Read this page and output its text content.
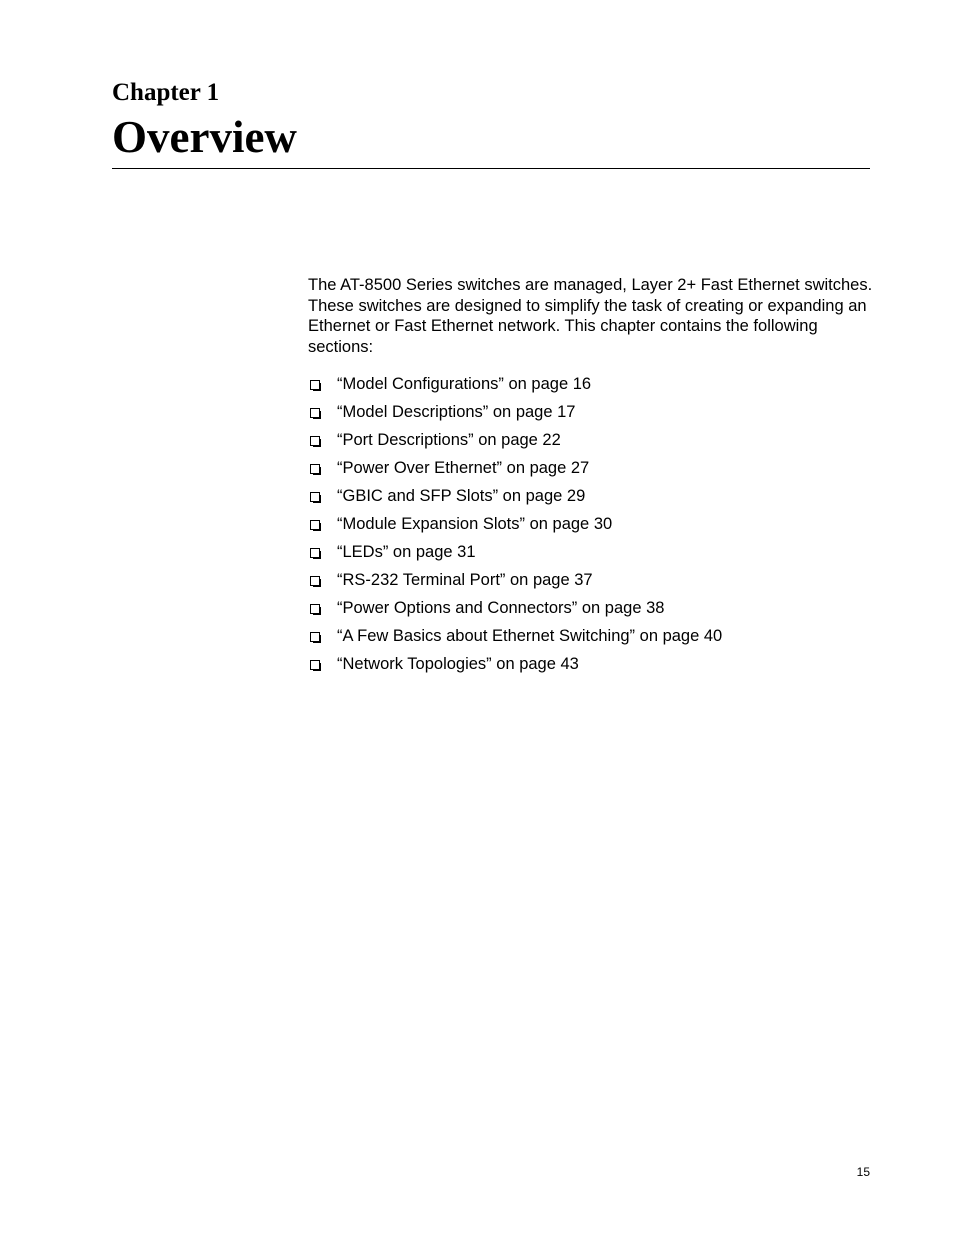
Chapter 1
Overview

The AT-8500 Series switches are managed, Layer 2+ Fast Ethernet switches. These switches are designed to simplify the task of creating or expanding an Ethernet or Fast Ethernet network. This chapter contains the following sections:

“Model Configurations” on page 16
“Model Descriptions” on page 17
“Port Descriptions” on page 22
“Power Over Ethernet” on page 27
“GBIC and SFP Slots” on page 29
“Module Expansion Slots” on page 30
“LEDs” on page 31
“RS-232 Terminal Port” on page 37
“Power Options and Connectors” on page 38
“A Few Basics about Ethernet Switching” on page 40
“Network Topologies” on page 43
15
